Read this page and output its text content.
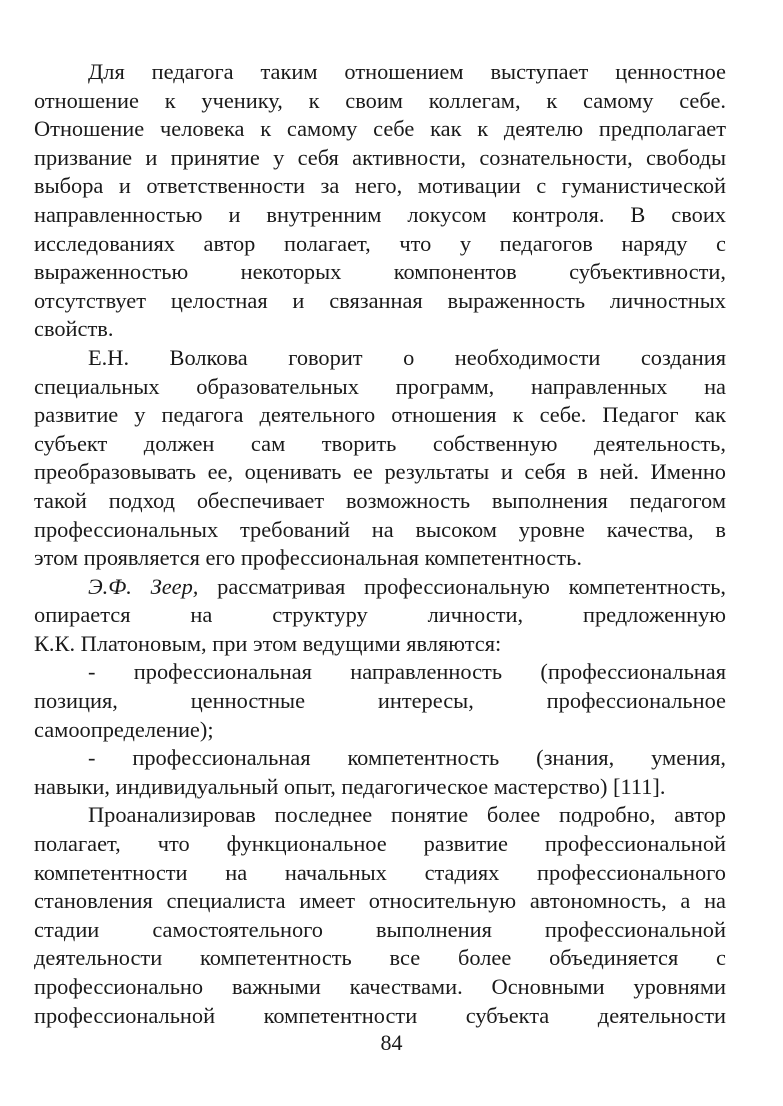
Для педагога таким отношением выступает ценностное
отношение к ученику, к своим коллегам, к самому себе.
Отношение человека к самому себе как к деятелю предполагает
призвание и принятие у себя активности, сознательности, свободы
выбора и ответственности за него, мотивации с гуманистической
направленностью и внутренним локусом контроля. В своих
исследованиях автор полагает, что у педагогов наряду с
выраженностью некоторых компонентов субъективности,
отсутствует целостная и связанная выраженность личностных
свойств.
Е.Н. Волкова говорит о необходимости создания
специальных образовательных программ, направленных на
развитие у педагога деятельного отношения к себе. Педагог как
субъект должен сам творить собственную деятельность,
преобразовывать ее, оценивать ее результаты и себя в ней. Именно
такой подход обеспечивает возможность выполнения педагогом
профессиональных требований на высоком уровне качества, в
этом проявляется его профессиональная компетентность.
Э.Ф. Зеер, рассматривая профессиональную компетентность,
опирается на структуру личности, предложенную
К.К. Платоновым, при этом ведущими являются:
- профессиональная направленность (профессиональная
позиция, ценностные интересы, профессиональное
самоопределение);
- профессиональная компетентность (знания, умения,
навыки, индивидуальный опыт, педагогическое мастерство) [111].
Проанализировав последнее понятие более подробно, автор
полагает, что функциональное развитие профессиональной
компетентности на начальных стадиях профессионального
становления специалиста имеет относительную автономность, а на
стадии самостоятельного выполнения профессиональной
деятельности компетентность все более объединяется с
профессионально важными качествами. Основными уровнями
профессиональной компетентности субъекта деятельности
84
